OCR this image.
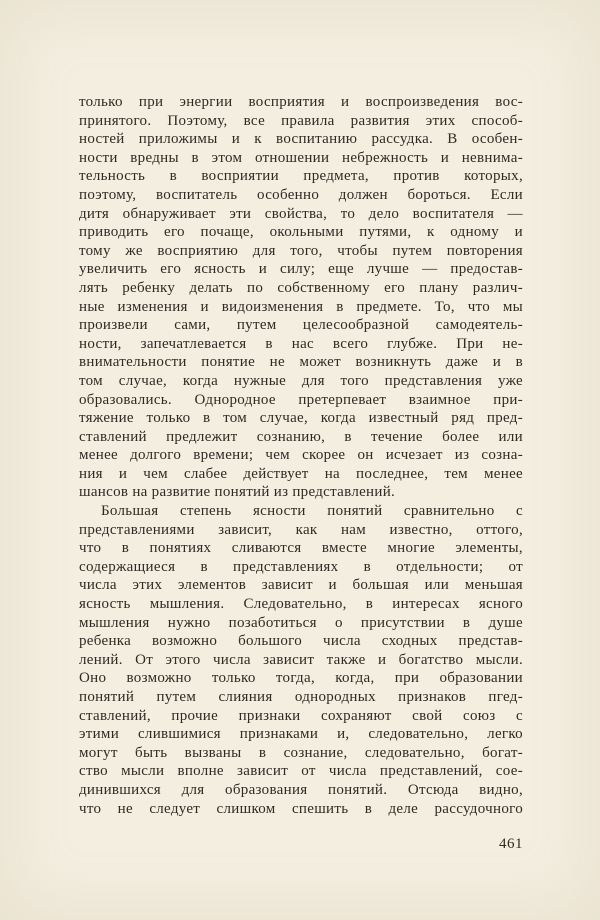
только при энергии восприятия и воспроизведения вос-
принятого. Поэтому, все правила развития этих способ-
ностей приложимы и к воспитанию рассудка. В особен-
ности вредны в этом отношении небрежность и невнима-
тельность в восприятии предмета, против которых,
поэтому, воспитатель особенно должен бороться. Если
дитя обнаруживает эти свойства, то дело воспитателя —
приводить его почаще, окольными путями, к одному и
тому же восприятию для того, чтобы путем повторения
увеличить его ясность и силу; еще лучше — предостав-
лять ребенку делать по собственному его плану различ-
ные изменения и видоизменения в предмете. То, что мы
произвели сами, путем целесообразной самодеятель-
ности, запечатлевается в нас всего глубже. При не-
внимательности понятие не может возникнуть даже и в
том случае, когда нужные для того представления уже
образовались. Однородное претерпевает взаимное при-
тяжение только в том случае, когда известный ряд пред-
ставлений предлежит сознанию, в течение более или
менее долгого времени; чем скорее он исчезает из созна-
ния и чем слабее действует на последнее, тем менее
шансов на развитие понятий из представлений.
Большая степень ясности понятий сравнительно с
представлениями зависит, как нам известно, оттого,
что в понятиях сливаются вместе многие элементы,
содержащиеся в представлениях в отдельности; от
числа этих элементов зависит и большая или меньшая
ясность мышления. Следовательно, в интересах ясного
мышления нужно позаботиться о присутствии в душе
ребенка возможно большого числа сходных представ-
лений. От этого числа зависит также и богатство мысли.
Оно возможно только тогда, когда, при образовании
понятий путем слияния однородных признаков пгед-
ставлений, прочие признаки сохраняют свой союз с
этими слившимися признаками и, следовательно, легко
могут быть вызваны в сознание, следовательно, богат-
ство мысли вполне зависит от числа представлений, сое-
динившихся для образования понятий. Отсюда видно,
что не следует слишком спешить в деле рассудочного
461
